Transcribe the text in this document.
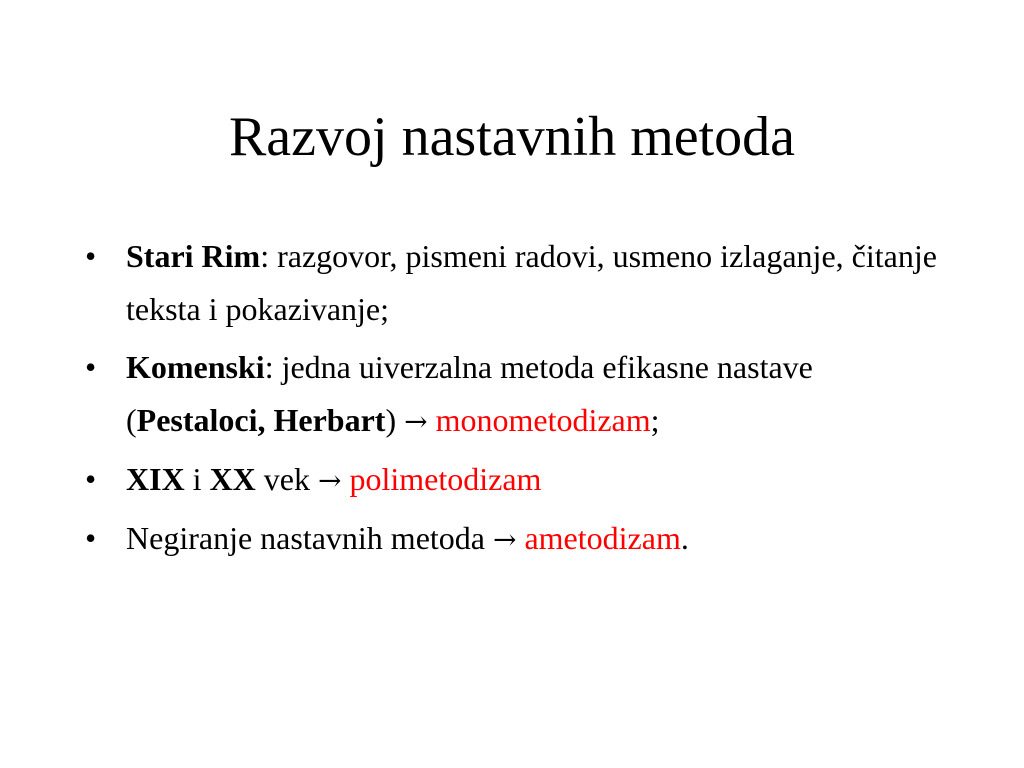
Razvoj nastavnih metoda
• Stari Rim: razgovor, pismeni radovi, usmeno izlaganje, čitanje teksta i pokazivanje;
• Komenski: jedna uiverzalna metoda efikasne nastave (Pestaloci, Herbart) → monometodizam;
• XIX i XX vek → polimetodizam
• Negiranje nastavnih metoda → ametodizam.
